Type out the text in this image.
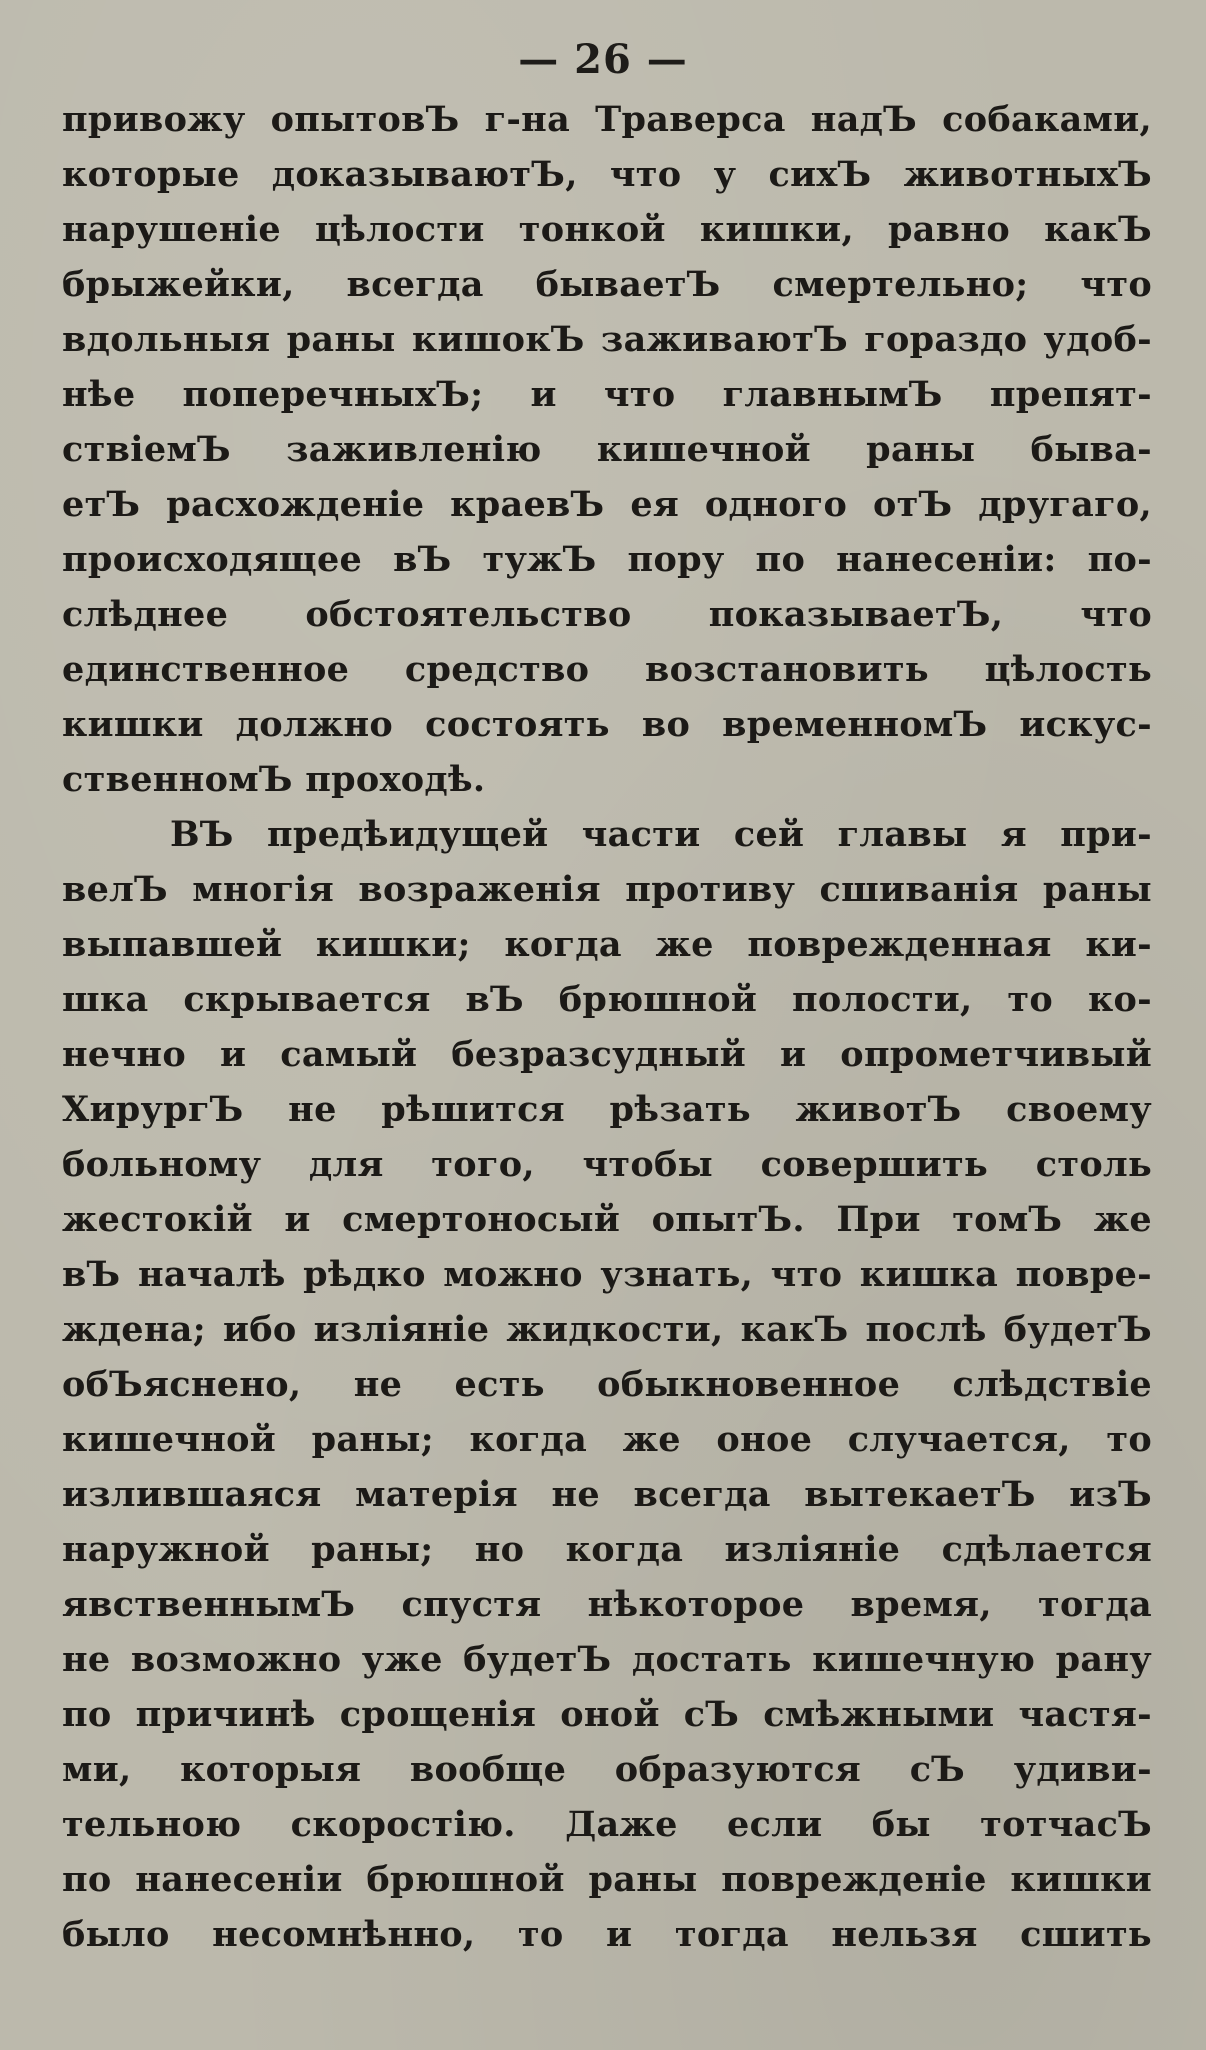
— 26 —
привожу опытовЪ г-на Траверса надЪ собаками,
которые доказываютЪ, что у сихЪ животныхЪ
нарушеніе цѣлости тонкой кишки, равно какЪ
брыжейки, всегда бываетЪ смертельно; что
вдольныя раны кишокЪ заживаютЪ гораздо удоб-
нѣе поперечныхЪ; и что главнымЪ препят-
ствіемЪ заживленію кишечной раны быва-
етЪ расхожденіе краевЪ ея одного отЪ другаго,
происходящее вЪ тужЪ пору по нанесеніи: по-
слѣднее обстоятельство показываетЪ, что
единственное средство возстановить цѣлость
кишки должно состоять во временномЪ искус-
ственномЪ проходѣ.
ВЪ предѣидущей части сей главы я при-
велЪ многія возраженія противу сшиванія раны
выпавшей кишки; когда же поврежденная ки-
шка скрывается вЪ брюшной полости, то ко-
нечно и самый безразсудный и опрометчивый
ХирургЪ не рѣшится рѣзать животЪ своему
больному для того, чтобы совершить столь
жестокій и смертоносый опытЪ. При томЪ же
вЪ началѣ рѣдко можно узнать, что кишка повре-
ждена; ибо изліяніе жидкости, какЪ послѣ будетЪ
обЪяснено, не есть обыкновенное слѣдствіе
кишечной раны; когда же оное случается, то
излившаяся матерія не всегда вытекаетЪ изЪ
наружной раны; но когда изліяніе сдѣлается
явственнымЪ спустя нѣкоторое время, тогда
не возможно уже будетЪ достать кишечную рану
по причинѣ срощенія оной сЪ смѣжными частя-
ми, которыя вообще образуются сЪ удиви-
тельною скоростію. Даже если бы тотчасЪ
по нанесеніи брюшной раны поврежденіе кишки
было несомнѣнно, то и тогда нельзя сшить
